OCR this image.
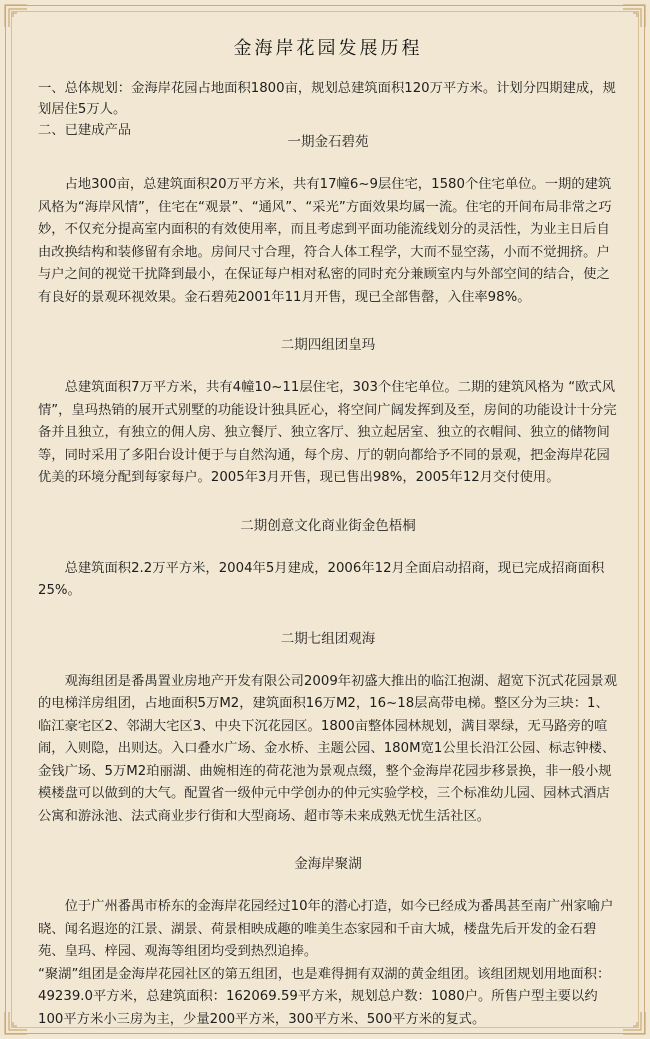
金海岸花园发展历程

一、总体规划：金海岸花园占地面积1800亩，规划总建筑面积120万平方米。计划分四期建成，规划居住5万人。

二、已建成产品

一期金石碧苑

占地300亩，总建筑面积20万平方米，共有17幢6~9层住宅，1580个住宅单位。一期的建筑风格为“海岸风情”，住宅在“观景”、“通风”、“采光”方面效果均属一流。住宅的开间布局非常之巧妙，不仅充分提高室内面积的有效使用率，而且考虑到平面功能流线划分的灵活性，为业主日后自由改换结构和装修留有余地。房间尺寸合理，符合人体工程学，大而不显空荡，小而不觉拥挤。户与户之间的视觉干扰降到最小，在保证每户相对私密的同时充分兼顾室内与外部空间的结合，使之有良好的景观环视效果。金石碧苑2001年11月开售，现已全部售罄，入住率98%。

二期四组团皇玛

总建筑面积7万平方米，共有4幢10~11层住宅，303个住宅单位。二期的建筑风格为 “欧式风情”，皇玛热销的展开式别墅的功能设计独具匠心，将空间广阔发挥到及至，房间的功能设计十分完备并且独立，有独立的佣人房、独立餐厅、独立客厅、独立起居室、独立的衣帽间、独立的储物间等，同时采用了多阳台设计便于与自然沟通，每个房、厅的朝向都给予不同的景观，把金海岸花园优美的环境分配到每家每户。2005年3月开售，现已售出98%，2005年12月交付使用。

二期创意文化商业街金色梧桐

总建筑面积2.2万平方米，2004年5月建成，2006年12月全面启动招商，现已完成招商面积25%。

二期七组团观海

观海组团是番禺置业房地产开发有限公司2009年初盛大推出的临江抱湖、超宽下沉式花园景观的电梯洋房组团，占地面积5万M2，建筑面积16万M2，16~18层高带电梯。整区分为三块：1、临江豪宅区2、邻湖大宅区3、中央下沉花园区。1800亩整体园林规划，满目翠绿，无马路旁的喧闹，入则隐，出则达。入口叠水广场、金水桥、主题公园、180M宽1公里长沿江公园、标志钟楼、金钱广场、5万M2珀丽湖、曲婉相连的荷花池为景观点缀，整个金海岸花园步移景换，非一般小规模楼盘可以做到的大气。配置省一级仲元中学创办的仲元实验学校，三个标准幼儿园、园林式酒店公寓和游泳池、法式商业步行街和大型商场、超市等未来成熟无忧生活社区。

金海岸聚湖

位于广州番禺市桥东的金海岸花园经过10年的潜心打造，如今已经成为番禺甚至南广州家喻户晓、闻名遐迩的江景、湖景、荷景相映成趣的唯美生态家园和千亩大城，楼盘先后开发的金石碧苑、皇玛、梓园、观海等组团均受到热烈追捧。

“聚湖”组团是金海岸花园社区的第五组团，也是难得拥有双湖的黄金组团。该组团规划用地面积：49239.0平方米，总建筑面积：162069.59平方米，规划总户数：1080户。所售户型主要以约100平方米小三房为主，少量200平方米，300平方米、500平方米的复式。
